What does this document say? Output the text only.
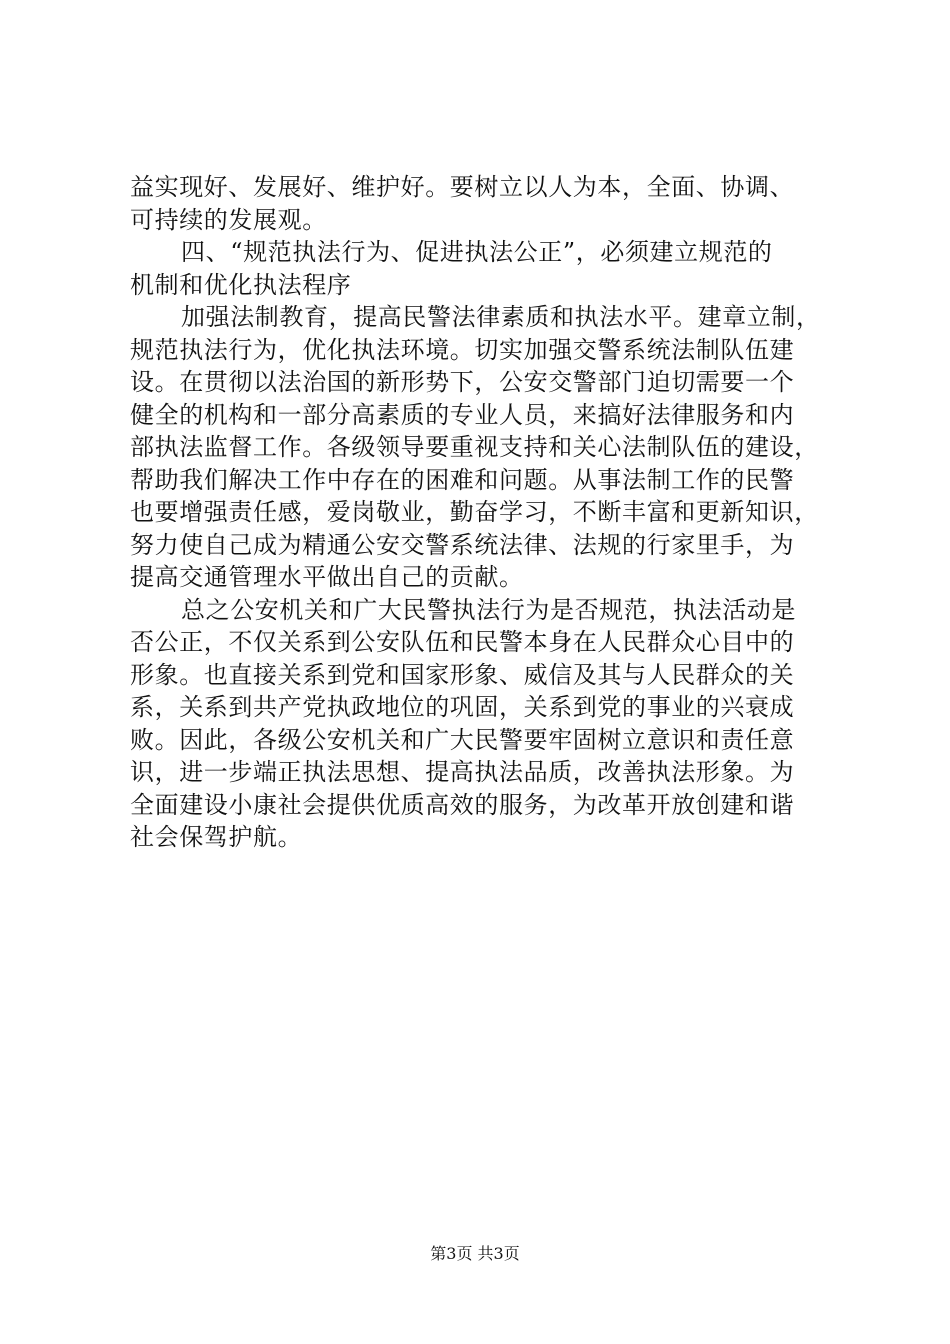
益实现好、发展好、维护好。要树立以人为本，全面、协调、
可持续的发展观。
四、“规范执法行为、促进执法公正”，必须建立规范的
机制和优化执法程序
加强法制教育，提高民警法律素质和执法水平。建章立制，
规范执法行为，优化执法环境。切实加强交警系统法制队伍建
设。在贯彻以法治国的新形势下，公安交警部门迫切需要一个
健全的机构和一部分高素质的专业人员，来搞好法律服务和内
部执法监督工作。各级领导要重视支持和关心法制队伍的建设，
帮助我们解决工作中存在的困难和问题。从事法制工作的民警
也要增强责任感，爱岗敬业，勤奋学习，不断丰富和更新知识，
努力使自己成为精通公安交警系统法律、法规的行家里手，为
提高交通管理水平做出自己的贡献。
总之公安机关和广大民警执法行为是否规范，执法活动是
否公正，不仅关系到公安队伍和民警本身在人民群众心目中的
形象。也直接关系到党和国家形象、威信及其与人民群众的关
系，关系到共产党执政地位的巩固，关系到党的事业的兴衰成
败。因此，各级公安机关和广大民警要牢固树立意识和责任意
识，进一步端正执法思想、提高执法品质，改善执法形象。为
全面建设小康社会提供优质高效的服务，为改革开放创建和谐
社会保驾护航。
第3页 共3页
